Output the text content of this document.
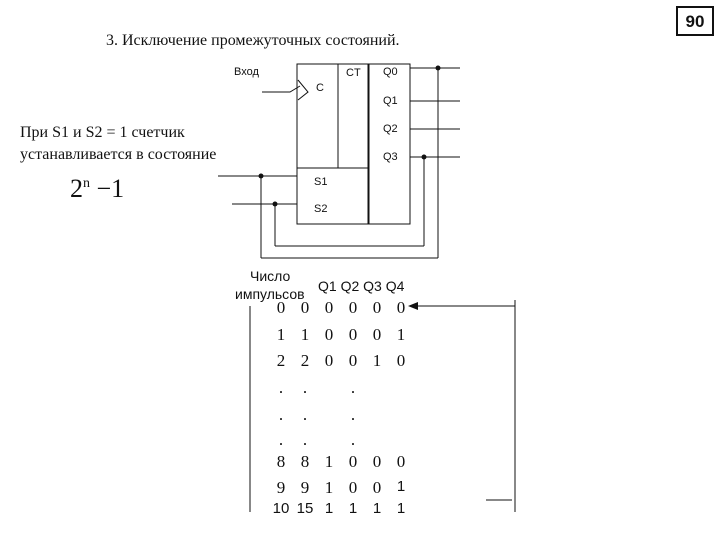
90
3. Исключение промежуточных состояний.
При S1 и S2 = 1 счетчик
устанавливается в состояние
$2^n -1$
Вход
C
CT Q0
Q1
Q2
Q3
S1
S2
Число
импульсов Q1 Q2 Q3 Q4
0 0 0 0 0 0
1 1 0 0 0 1
2 2 0 0 1 0
.	.	.
.	.	.
.	.	.
8 8 1 0 0 0
9 9 1 0 0	1
10 15 1	1	1	1
